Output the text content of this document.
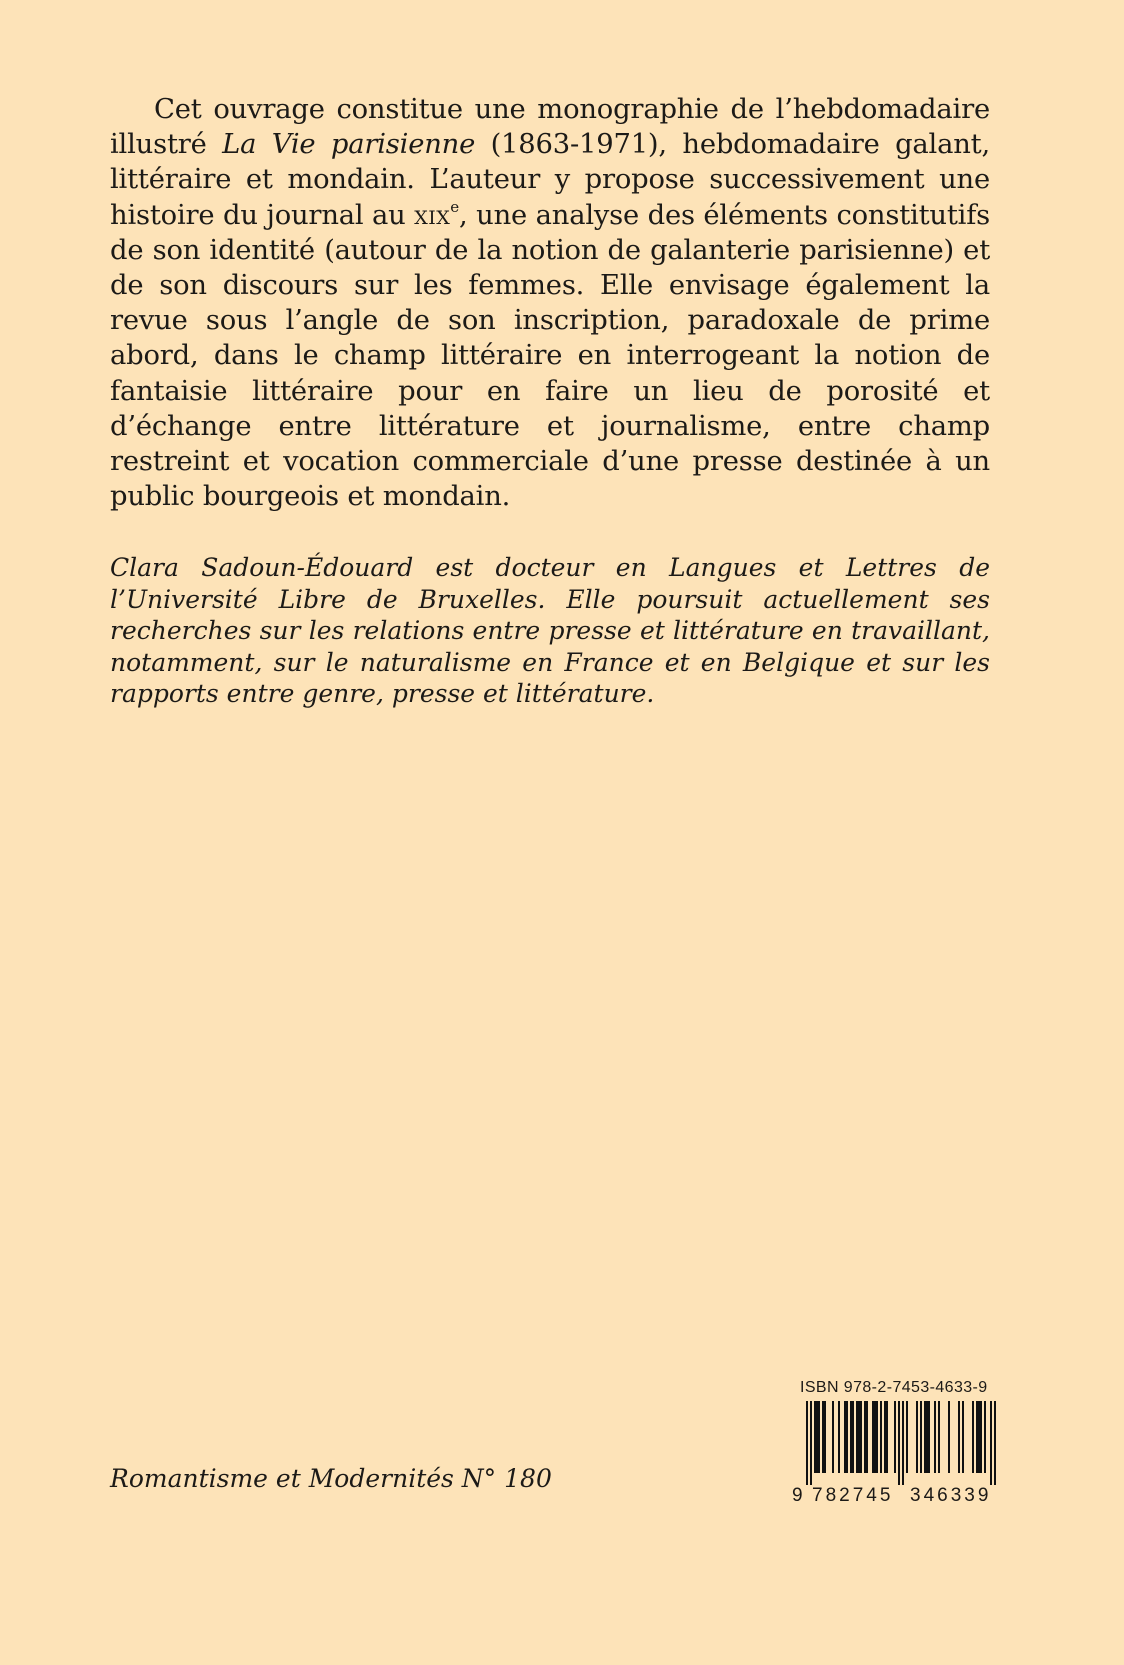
Cet ouvrage constitue une monographie de l’hebdomadaire illustré La Vie parisienne (1863-1971), hebdomadaire galant, littéraire et mondain. L’auteur y propose successivement une histoire du journal au xix$^e$, une analyse des éléments constitutifs de son identité (autour de la notion de galanterie parisienne) et de son discours sur les femmes. Elle envisage également la revue sous l’angle de son inscription, paradoxale de prime abord, dans le champ littéraire en interrogeant la notion de fantaisie littéraire pour en faire un lieu de porosité et d’échange entre littérature et journalisme, entre champ restreint et vocation commerciale d’une presse destinée à un public bourgeois et mondain.

Clara Sadoun-Édouard est docteur en Langues et Lettres de l’Université Libre de Bruxelles. Elle poursuit actuellement ses recherches sur les relations entre presse et littérature en travaillant, notamment, sur le naturalisme en France et en Belgique et sur les rapports entre genre, presse et littérature.

Romantisme et Modernités N° 180

ISBN 978-2-7453-4633-9
9 782745 346339
